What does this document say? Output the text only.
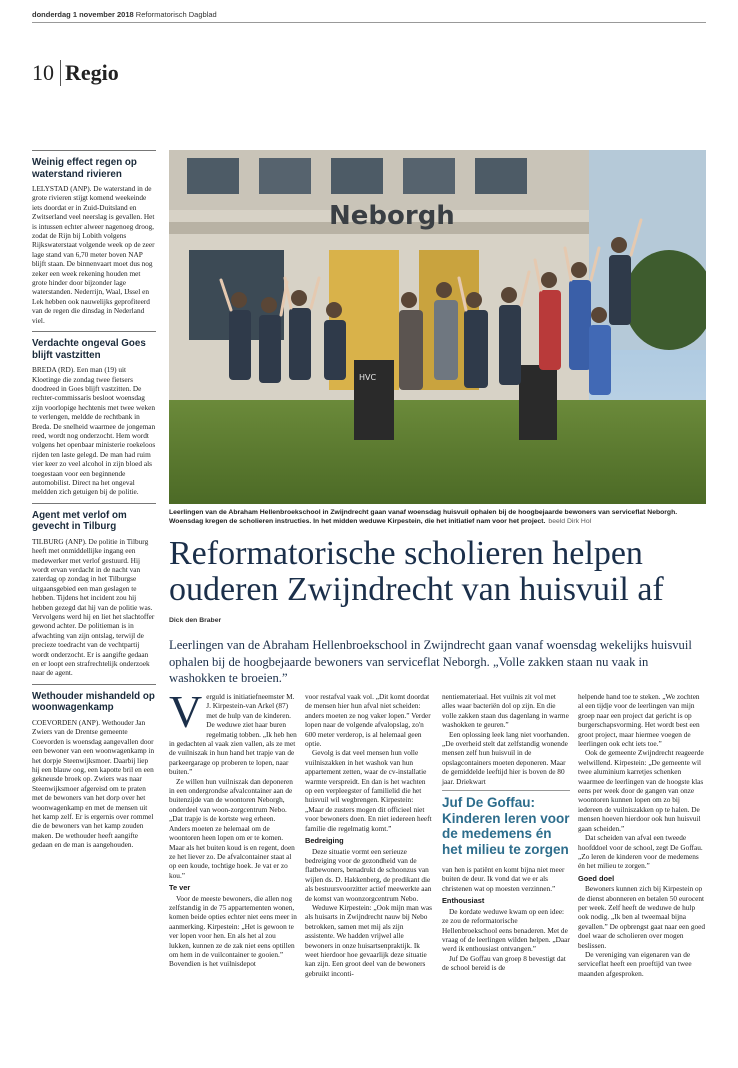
donderdag 1 november 2018 Reformatorisch Dagblad
10 Regio
Weinig effect regen op waterstand rivieren

LELYSTAD (ANP). De waterstand in de grote rivieren stijgt komend weekeinde iets doordat er in Zuid-Duitsland en Zwitserland veel neerslag is gevallen. Het is intussen echter alweer nagenoeg droog, zodat de Rijn bij Lobith volgens Rijkswaterstaat volgende week op de zeer lage stand van 6,70 meter boven NAP blijft staan. De binnenvaart moet dus nog zeker een week rekening houden met grote hinder door bijzonder lage waterstanden. Nederrijn, Waal, IJssel en Lek hebben ook nauwelijks geprofiteerd van de regen die dinsdag in Nederland viel.

Verdachte ongeval Goes blijft vastzitten

BREDA (RD). Een man (19) uit Kloetinge die zondag twee fietsers doodreed in Goes blijft vastzitten. De rechter-commissaris besloot woensdag zijn voorlopige hechtenis met twee weken te verlengen, meldde de rechtbank in Breda. De snelheid waarmee de jongeman reed, wordt nog onderzocht. Hem wordt volgens het openbaar ministerie roekeloos rijden ten laste gelegd. De man had ruim vier keer zo veel alcohol in zijn bloed als toegestaan voor een beginnende automobilist. Direct na het ongeval meldden zich getuigen bij de politie.

Agent met verlof om gevecht in Tilburg

TILBURG (ANP). De politie in Tilburg heeft met onmiddellijke ingang een medewerker met verlof gestuurd. Hij wordt ervan verdacht in de nacht van zaterdag op zondag in het Tilburgse uitgaansgebied een man geslagen te hebben. Tijdens het incident zou hij hebben gezegd dat hij van de politie was. Vervolgens werd hij en liet het slachtoffer gewond achter. De politieman is in afwachting van zijn ontslag, terwijl de precieze toedracht van de vechtpartij wordt onderzocht. Er is aangifte gedaan en er loopt een strafrechtelijk onderzoek naar de agent.

Wethouder mishandeld op woonwagenkamp

COEVORDEN (ANP). Wethouder Jan Zwiers van de Drentse gemeente Coevorden is woensdag aangevallen door een bewoner van een woonwagenkamp in het dorpje Steenwijksmoer. Daarbij liep hij een blauw oog, een kapotte bril en een gekneusde broek op. Zwiers was naar Steenwijksmoer afgereisd om te praten met de bewoners van het dorp over het woonwagenkamp en met de mensen uit het kamp zelf. Er is ergernis over rommel die de bewoners van het kamp zouden maken. De wethouder heeft aangifte gedaan en de man is aangehouden.

Neborgh
HVC
Leerlingen van de Abraham Hellenbroekschool in Zwijndrecht gaan vanaf woensdag huisvuil ophalen bij de hoogbejaarde bewoners van serviceflat Neborgh. Woensdag kregen de scholieren instructies. In het midden weduwe Kirpestein, die het initiatief nam voor het project. beeld Dirk Hol
Reformatorische scholieren helpen ouderen Zwijndrecht van huisvuil af
Dick den Braber
Leerlingen van de Abraham Hellenbroekschool in Zwijndrecht gaan vanaf woensdag wekelijks huisvuil ophalen bij de hoogbejaarde bewoners van serviceflat Neborgh. „Volle zakken staan nu vaak in washokken te broeien.”

Verguld is initiatiefneemster M. J. Kirpestein-van Arkel (87) met de hulp van de kinderen. De weduwe ziet haar buren regelmatig tobben. „Ik heb hen in gedachten al vaak zien vallen, als ze met de vuilniszak in hun hand het trapje van de parkeergarage op proberen te lopen, naar buiten.”

Ze willen hun vuilniszak dan deponeren in een ondergrondse afvalcontainer aan de buitenzijde van de woontoren Neborgh, onderdeel van woon-zorgcentrum Nebo. „Dat trapje is de kortste weg erheen. Anders moeten ze helemaal om de woontoren heen lopen om er te komen. Maar als het buiten koud is en regent, doen ze het liever zo. De afvalcontainer staat al op een koude, tochtige hoek. Je vat er zo kou.”

Te ver

Voor de meeste bewoners, die allen nog zelfstandig in de 75 appartementen wonen, komen beide opties echter niet eens meer in aanmerking. Kirpestein: „Het is gewoon te ver lopen voor hen. En als het al zou lukken, kunnen ze de zak niet eens optillen om hem in de vuilcontainer te gooien.” Bovendien is het vuilnisdepot

voor restafval vaak vol. „Dit komt doordat de mensen hier hun afval niet scheiden: anders moeten ze nog vaker lopen.” Verder lopen naar de volgende afvalopslag, zo'n 600 meter verderop, is al helemaal geen optie.

Gevolg is dat veel mensen hun volle vuilniszakken in het washok van hun appartement zetten, waar de cv-installatie warmte verspreidt. En dan is het wachten op een verpleegster of familielid die het huisvuil wil wegbrengen. Kirpestein: „Maar de zusters mogen dit officieel niet voor bewoners doen. En niet iedereen heeft familie die regelmatig komt.”

Bedreiging

Deze situatie vormt een serieuze bedreiging voor de gezondheid van de flatbewoners, benadrukt de schoonzus van wijlen ds. D. Hakkenberg, de predikant die als bestuursvoorzitter actief meewerkte aan de komst van woonzorgcentrum Nebo.

Weduwe Kirpestein: „Ook mijn man was als huisarts in Zwijndrecht nauw bij Nebo betrokken, samen met mij als zijn assistente. We hadden vrijwel alle bewoners in onze huisartsenpraktijk. Ik weet hierdoor hoe gevaarlijk deze situatie kan zijn. Een groot deel van de bewoners gebruikt inconti-

nentiemateriaal. Het vuilnis zit vol met alles waar bacteriën dol op zijn. En die volle zakken staan dus dagenlang in warme washokken te geuren.”

Een oplossing leek lang niet voorhanden. „De overheid stelt dat zelfstandig wonende mensen zelf hun huisvuil in de opslagcontainers moeten deponeren. Maar de gemiddelde leeftijd hier is boven de 80 jaar. Driekwart

Juf De Goffau: Kinderen leren voor de medemens én het milieu te zorgen

van hen is patiënt en komt bijna niet meer buiten de deur. Ik vond dat we er als christenen wat op moesten verzinnen.”

Enthousiast

De kordate weduwe kwam op een idee: ze zou de reformatorische Hellenbroekschool eens benaderen. Met de vraag of de leerlingen wilden helpen. „Daar werd ik enthousiast ontvangen.”

Juf De Goffau van groep 8 bevestigt dat de school bereid is de

helpende hand toe te steken. „We zochten al een tijdje voor de leerlingen van mijn groep naar een project dat gericht is op burgerschapsvorming. Het wordt best een groot project, maar hiermee voegen de leerlingen ook echt iets toe.”

Ook de gemeente Zwijndrecht reageerde welwillend. Kirpestein: „De gemeente wil twee aluminium karretjes schenken waarmee de leerlingen van de hoogste klas eens per week door de gangen van onze woontoren kunnen lopen om zo bij iedereen de vuilniszakken op te halen. De mensen hoeven hierdoor ook hun huisvuil gaan scheiden.”

Dat scheiden van afval een tweede hoofddoel voor de school, zegt De Goffau. „Zo leren de kinderen voor de medemens én het milieu te zorgen.”

Goed doel

Bewoners kunnen zich bij Kirpestein op de dienst abonneren en betalen 50 eurocent per week. Zelf heeft de weduwe de hulp ook nodig. „Ik ben al tweemaal bijna gevallen.” De opbrengst gaat naar een goed doel waar de scholieren over mogen beslissen.

De vereniging van eigenaren van de serviceflat heeft een proeftijd van twee maanden afgesproken.
